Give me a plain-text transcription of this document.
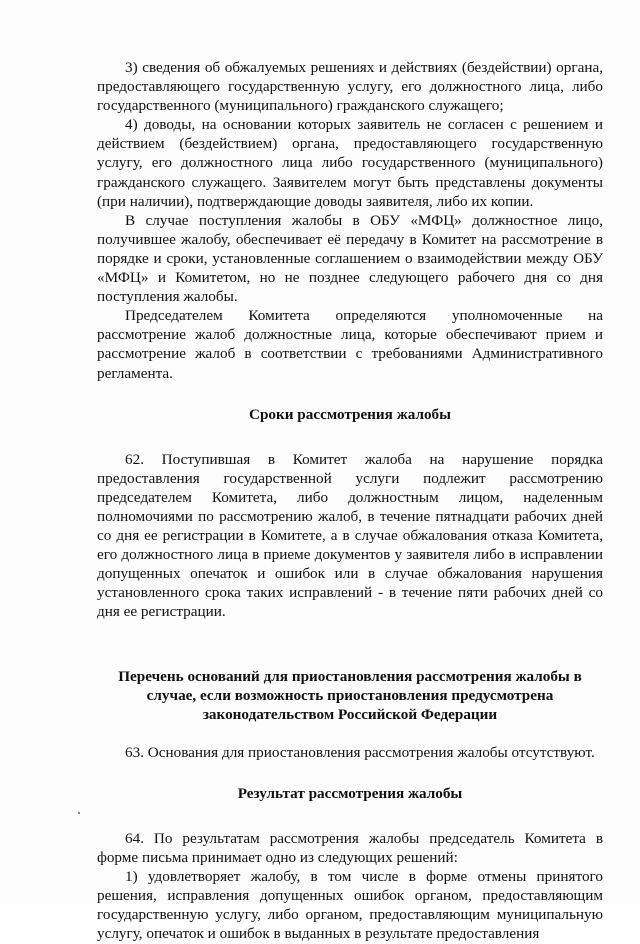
3) сведения об обжалуемых решениях и действиях (бездействии) органа, предоставляющего государственную услугу, его должностного лица, либо государственного (муниципального) гражданского служащего;

4) доводы, на основании которых заявитель не согласен с решением и действием (бездействием) органа, предоставляющего государственную услугу, его должностного лица либо государственного (муниципального) гражданского служащего. Заявителем могут быть представлены документы (при наличии), подтверждающие доводы заявителя, либо их копии.

В случае поступления жалобы в ОБУ «МФЦ» должностное лицо, получившее жалобу, обеспечивает её передачу в Комитет на рассмотрение в порядке и сроки, установленные соглашением о взаимодействии между ОБУ «МФЦ» и Комитетом, но не позднее следующего рабочего дня со дня поступления жалобы.

Председателем Комитета определяются уполномоченные на рассмотрение жалоб должностные лица, которые обеспечивают прием и рассмотрение жалоб в соответствии с требованиями Административного регламента.

Сроки рассмотрения жалобы

62. Поступившая в Комитет жалоба на нарушение порядка предоставления государственной услуги подлежит рассмотрению председателем Комитета, либо должностным лицом, наделенным полномочиями по рассмотрению жалоб, в течение пятнадцати рабочих дней со дня ее регистрации в Комитете, а в случае обжалования отказа Комитета, его должностного лица в приеме документов у заявителя либо в исправлении допущенных опечаток и ошибок или в случае обжалования нарушения установленного срока таких исправлений - в течение пяти рабочих дней со дня ее регистрации.

Перечень оснований для приостановления рассмотрения жалобы в случае, если возможность приостановления предусмотрена законодательством Российской Федерации

63. Основания для приостановления рассмотрения жалобы отсутствуют.

Результат рассмотрения жалобы

64. По результатам рассмотрения жалобы председатель Комитета в форме письма принимает одно из следующих решений:

1) удовлетворяет жалобу, в том числе в форме отмены принятого решения, исправления допущенных ошибок органом, предоставляющим государственную услугу, либо органом, предоставляющим муниципальную услугу, опечаток и ошибок в выданных в результате предоставления
